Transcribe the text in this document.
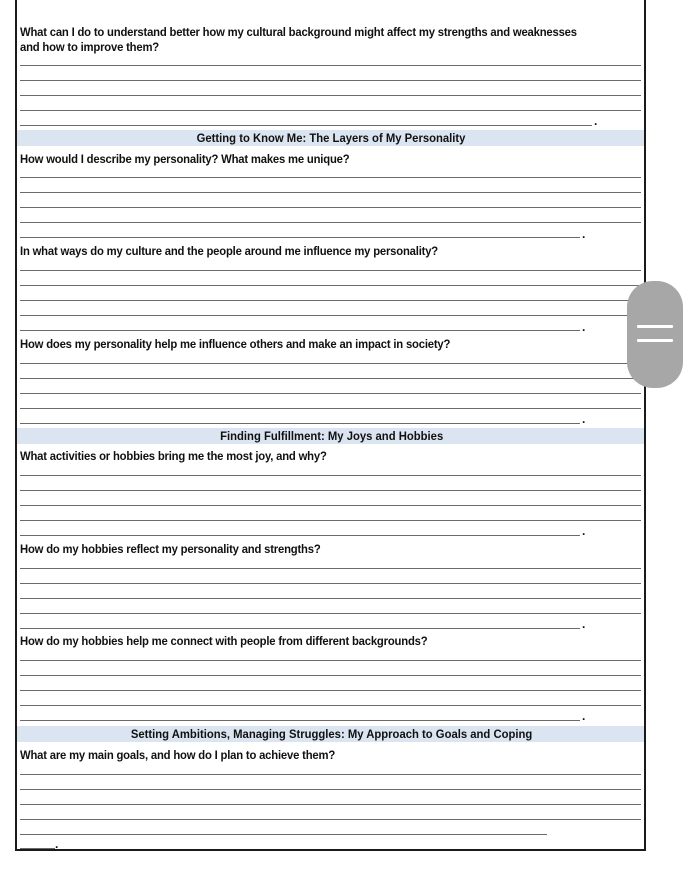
What can I do to understand better how my cultural background might affect my strengths and weaknesses and how to improve them?
.
Getting to Know Me: The Layers of My Personality
How would I describe my personality? What makes me unique?
.
In what ways do my culture and the people around me influence my personality?
.
How does my personality help me influence others and make an impact in society?
.
Finding Fulfillment: My Joys and Hobbies
What activities or hobbies bring me the most joy, and why?
.
How do my hobbies reflect my personality and strengths?
.
How do my hobbies help me connect with people from different backgrounds?
.
Setting Ambitions, Managing Struggles: My Approach to Goals and Coping
What are my main goals, and how do I plan to achieve them?
.
